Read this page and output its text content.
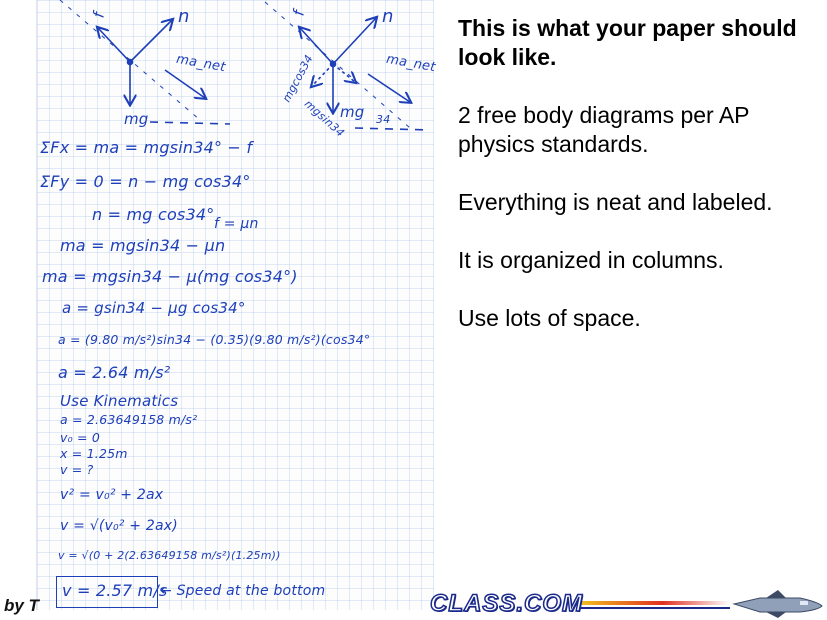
f	n
ma_net
mg
f	n
ma_net
mg
mgcos34
mgsin34	34
ΣFx = ma = mgsin34° − f
ΣFy = 0 = n − mg cos34°
n = mg cos34° f = μn
ma = mgsin34 − μn
ma = mgsin34 − μ(mg cos34°)
a = gsin34 − μg cos34°
a = (9.80 m/s²)sin34 − (0.35)(9.80 m/s²)(cos34°
a = 2.64 m/s²
Use Kinematics
a = 2.63649158 m/s²
v₀ = 0
x = 1.25m
v = ?
v² = v₀² + 2ax
v = √(v₀² + 2ax)
v = √(0 + 2(2.63649158 m/s²)(1.25m))
v = 2.57 m/s
← Speed at the bottom

This is what your paper should look like.

2 free body diagrams per AP physics standards.

Everything is neat and labeled.

It is organized in columns.

Use lots of space.

by T	CLASS.COM
